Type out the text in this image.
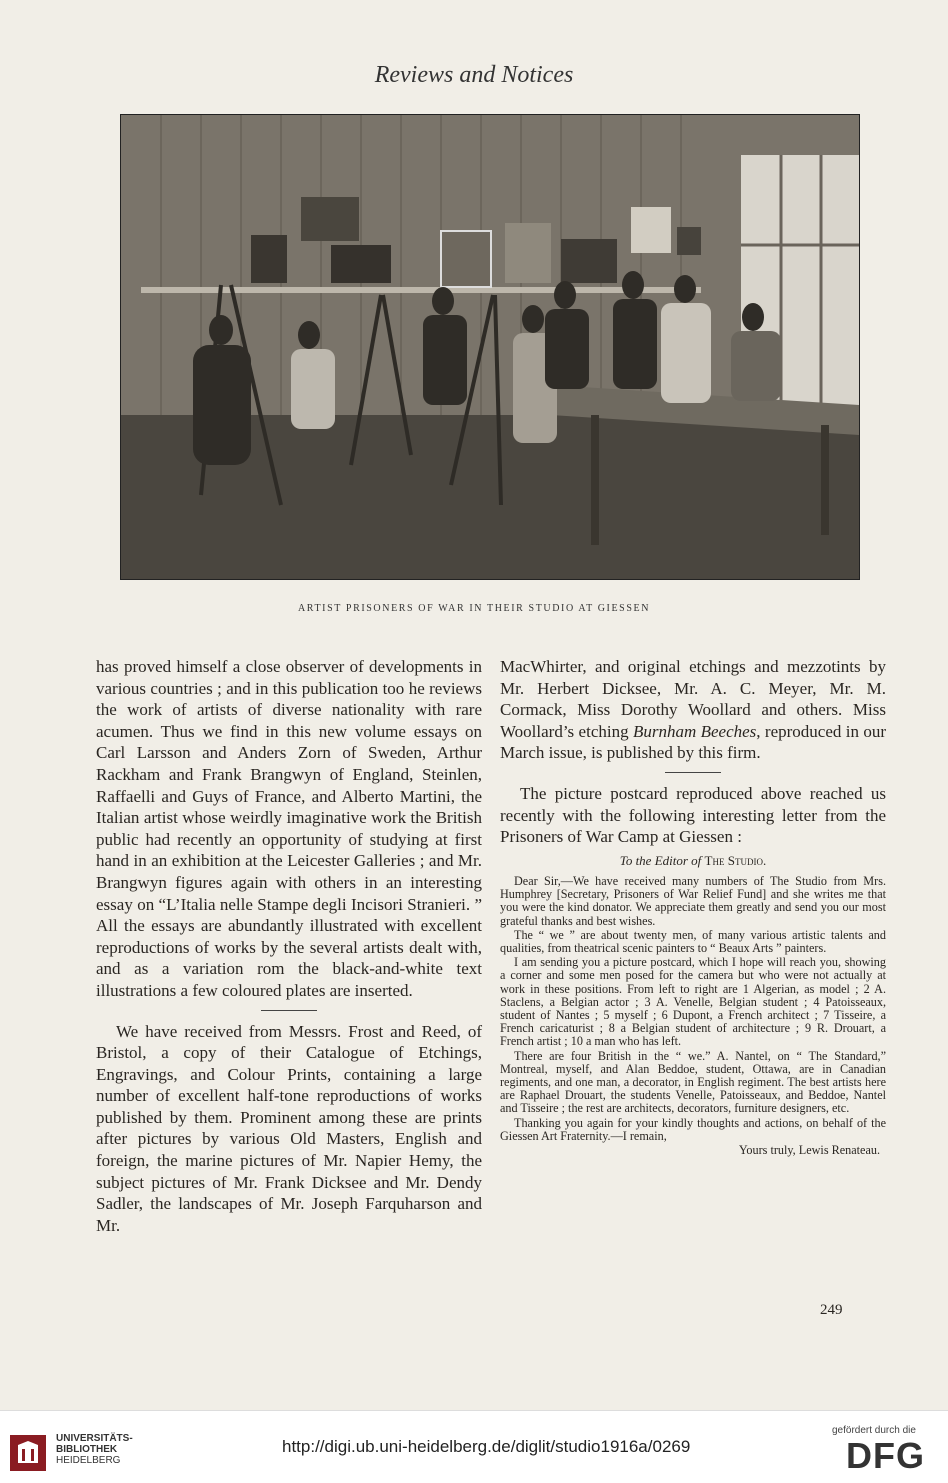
Reviews and Notices
ARTIST PRISONERS OF WAR IN THEIR STUDIO AT GIESSEN

has proved himself a close observer of developments in various countries ; and in this publication too he reviews the work of artists of diverse nationality with rare acumen. Thus we find in this new volume essays on Carl Larsson and Anders Zorn of Sweden, Arthur Rackham and Frank Brangwyn of England, Steinlen, Raffaelli and Guys of France, and Alberto Martini, the Italian artist whose weirdly imaginative work the British public had recently an opportunity of studying at first hand in an exhibition at the Leicester Galleries ; and Mr. Brangwyn figures again with others in an interesting essay on “L’Italia nelle Stampe degli Incisori Stranieri. ” All the essays are abundantly illustrated with excellent reproductions of works by the several artists dealt with, and as a variation rom the black-and-white text illustrations a few coloured plates are inserted.

We have received from Messrs. Frost and Reed, of Bristol, a copy of their Catalogue of Etchings, Engravings, and Colour Prints, containing a large number of excellent half-tone reproductions of works published by them. Prominent among these are prints after pictures by various Old Masters, English and foreign, the marine pictures of Mr. Napier Hemy, the subject pictures of Mr. Frank Dicksee and Mr. Dendy Sadler, the landscapes of Mr. Joseph Farquharson and Mr.

MacWhirter, and original etchings and mezzotints by Mr. Herbert Dicksee, Mr. A. C. Meyer, Mr. M. Cormack, Miss Dorothy Woollard and others. Miss Woollard’s etching Burnham Beeches, reproduced in our March issue, is published by this firm.

The picture postcard reproduced above reached us recently with the following interesting letter from the Prisoners of War Camp at Giessen :

To the Editor of The Studio.

Dear Sir,—We have received many numbers of The Studio from Mrs. Humphrey [Secretary, Prisoners of War Relief Fund] and she writes me that you were the kind donator. We appreciate them greatly and send you our most grateful thanks and best wishes.

The “ we ” are about twenty men, of many various artistic talents and qualities, from theatrical scenic painters to “ Beaux Arts ” painters.

I am sending you a picture postcard, which I hope will reach you, showing a corner and some men posed for the camera but who were not actually at work in these positions. From left to right are 1 Algerian, as model ; 2 A. Staclens, a Belgian actor ; 3 A. Venelle, Belgian student ; 4 Patoisseaux, student of Nantes ; 5 myself ; 6 Dupont, a French architect ; 7 Tisseire, a French caricaturist ; 8 a Belgian student of architecture ; 9 R. Drouart, a French artist ; 10 a man who has left.

There are four British in the “ we.” A. Nantel, on “ The Standard,” Montreal, myself, and Alan Beddoe, student, Ottawa, are in Canadian regiments, and one man, a decorator, in English regiment. The best artists here are Raphael Drouart, the students Venelle, Patoisseaux, and Beddoe, Nantel and Tisseire ; the rest are architects, decorators, furniture designers, etc.

Thanking you again for your kindly thoughts and actions, on behalf of the Giessen Art Fraternity.—I remain,

Yours truly, Lewis Renateau.

249
UNIVERSITÄTS-
BIBLIOTHEK
HEIDELBERG
http://digi.ub.uni-heidelberg.de/diglit/studio1916a/0269
gefördert durch die
DFG
